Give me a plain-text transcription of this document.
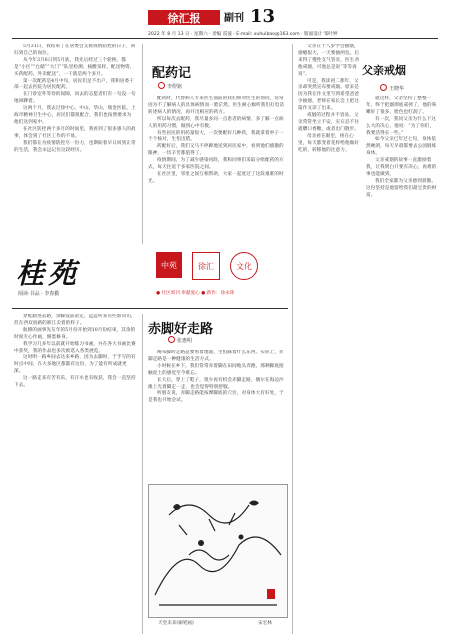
徐汇报	副刊 13
2022 年 8 月 13 日 · 星期六 · 责编 雷波 · E-mail: xuhuibao@163.com · 版面设计 邹叶婷

5月31日，我结束了在居委会支援疫情防控的日子，回归到自己的岗位。

从今年3月6日到5月底，我先后经过三个轮换，都是“小区”“仓储”“大门”“队里检测、核酸采样、配送物资、买药配药、外卖配送”，一干就是两个多月。

第一次配药是4月中旬，居民们足不出户，我和居委干部一起去医院为居民配药。

在门诊室外等待的间隙，同去的志愿者们有一句没一句地闲聊着。

这两个月，我去过徐中心、中山、华山、瑞金医院、上海市精神卫生中心，居民们都很配合，我们也按照要求为他们送到家中。

在社区防控两个多月的时间里，我看到了很多感人的故事，体会到了社区工作的不易。

我们都在为疫情防控尽一份力，也期盼着早日回到正常的生活，我会永远记住这段经历。

桂苑
阅读·书品 · 李春勤
中苑	徐汇	文化
● 社区周刊 奉献爱心 ● 新作：徐永锋

穿鞋踏进去路，余脚没前站定，远远听来有些谁向司，但在西双放路的浙江卖着的样子。

航僚的画事先友年的5月份开始到10月份结束，其余的时间专心作画，修墨修身。

我学习几多年以前就开始练习书画，并在各大书画比赛中获奖，我的作品也多次被选入各类展览。

这时明一路乡间去达来乡路，因为去脚时，于手写的有时点中间，在大多地区都都有这份，为了能有所成就更深。

这一路走来有苦有乐，有汗水也有收获，我会一直坚持下去。

配药记
李煜铭

配药时，代替病人专来医生面前的我们和对医生的询问，常常因为不了解病人的具体病情而一脸茫然。医生耐心倾听我们打电话转述病人的情况，再开出相应的药方。

所以每次去配药，我尽量多问一点患者的病情，多了解一点病人的用药习惯，做到心中有数。

有些居民的用药量很大，一次要配好几种药，我就拿着单子一个个核对，生怕出错。

药配好后，我们又马不停蹄地送到居民家中，看到他们感激的眼神，一切辛苦都值得了。

疫情期间，为了减少感染风险，我和同事们采取分组配药的方式，每天往返于多家医院之间。

在社区里，邻里之间互相帮助，大家一起度过了这段艰难的时光。

赤脚好走路
张惠明

阐布脚时走路总要看着地面，生怕踩着什么东西。实际上，赤脚走路是一种健康的生活方式。

小时候在乡下，我们常常赤着脚在田间地头奔跑，那种脚底接触泥土的感觉至今难忘。

长大后，穿上了鞋子，很少再有机会赤脚走路，偶尔在海边沙滩上光着脚走一走，也会觉得特别舒服。

听朋友说，赤脚走路能按摩脚底的穴位，对身体大有好处，于是我也开始尝试。

天堂未来(铜笔画)	宋宏林
父亲戒烟
王晓华

父亲在十八岁学会抽烟，烟瘾很大，一天要抽两包。后来得了慢性支气管炎，医生劝他戒烟，可他总是说“等等再说”。

可是，我读初二那年，父亲却突然宣布要戒烟。原来是因为我在作文里写到希望爸爸少抽烟，老师在家长会上把这篇作文读了出来。

戒烟的过程并不容易，父亲常常坐立不安，实在忍不住就嚼口香糖，或者出门散步。

母亲看在眼里，疼在心里，每天都变着花样给他做好吃的，转移他的注意力。

就这样，父亲坚持了整整一年，终于把烟彻底戒掉了。他的咳嗽好了很多，脸色也红润了。

有一次，我问父亲为什么下这么大的决心，他说：“为了你们，我要活得长一些。”

如今父亲已年过七旬，身体依然硬朗，每天早晨都要去公园锻炼身体。

父亲戒烟的故事一直激励着我，让我明白只要有决心，再难的事也能做到。

我们全家都为父亲感到骄傲，这份坚持是他留给我们最宝贵的财富。
